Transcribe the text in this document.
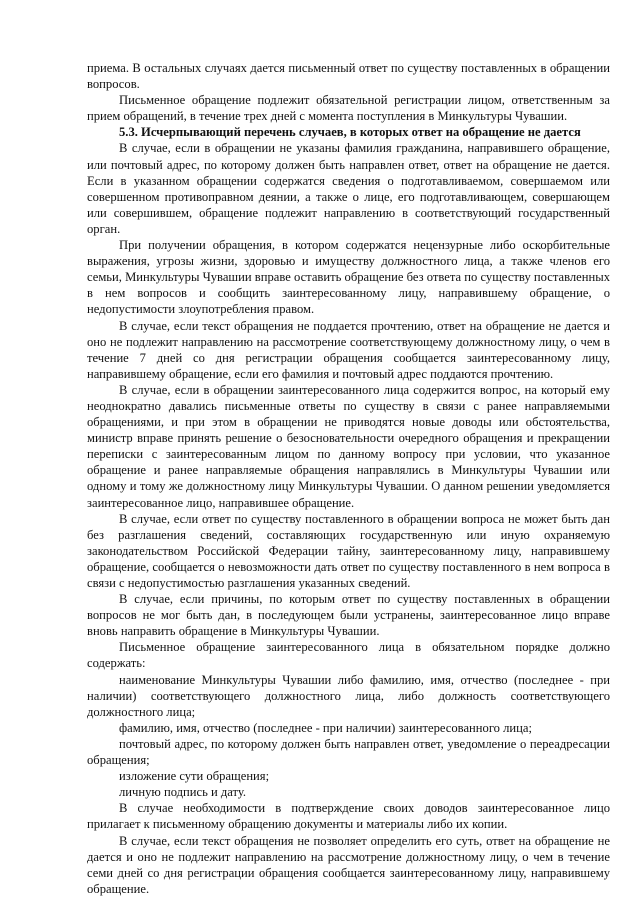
приема. В остальных случаях дается письменный ответ по существу поставленных в обращении вопросов.

Письменное обращение подлежит обязательной регистрации лицом, ответственным за прием обращений, в течение трех дней с момента поступления в Минкультуры Чувашии.

5.3. Исчерпывающий перечень случаев, в которых ответ на обращение не дается

В случае, если в обращении не указаны фамилия гражданина, направившего обращение, или почтовый адрес, по которому должен быть направлен ответ, ответ на обращение не дается. Если в указанном обращении содержатся сведения о подготавливаемом, совершаемом или совершенном противоправном деянии, а также о лице, его подготавливающем, совершающем или совершившем, обращение подлежит направлению в соответствующий государственный орган.

При получении обращения, в котором содержатся нецензурные либо оскорбительные выражения, угрозы жизни, здоровью и имуществу должностного лица, а также членов его семьи, Минкультуры Чувашии вправе оставить обращение без ответа по существу поставленных в нем вопросов и сообщить заинтересованному лицу, направившему обращение, о недопустимости злоупотребления правом.

В случае, если текст обращения не поддается прочтению, ответ на обращение не дается и оно не подлежит направлению на рассмотрение соответствующему должностному лицу, о чем в течение 7 дней со дня регистрации обращения сообщается заинтересованному лицу, направившему обращение, если его фамилия и почтовый адрес поддаются прочтению.

В случае, если в обращении заинтересованного лица содержится вопрос, на который ему неоднократно давались письменные ответы по существу в связи с ранее направляемыми обращениями, и при этом в обращении не приводятся новые доводы или обстоятельства, министр вправе принять решение о безосновательности очередного обращения и прекращении переписки с заинтересованным лицом по данному вопросу при условии, что указанное обращение и ранее направляемые обращения направлялись в Минкультуры Чувашии или одному и тому же должностному лицу Минкультуры Чувашии. О данном решении уведомляется заинтересованное лицо, направившее обращение.

В случае, если ответ по существу поставленного в обращении вопроса не может быть дан без разглашения сведений, составляющих государственную или иную охраняемую законодательством Российской Федерации тайну, заинтересованному лицу, направившему обращение, сообщается о невозможности дать ответ по существу поставленного в нем вопроса в связи с недопустимостью разглашения указанных сведений.

В случае, если причины, по которым ответ по существу поставленных в обращении вопросов не мог быть дан, в последующем были устранены, заинтересованное лицо вправе вновь направить обращение в Минкультуры Чувашии.

Письменное обращение заинтересованного лица в обязательном порядке должно содержать:

наименование Минкультуры Чувашии либо фамилию, имя, отчество (последнее - при наличии) соответствующего должностного лица, либо должность соответствующего должностного лица;

фамилию, имя, отчество (последнее - при наличии) заинтересованного лица;

почтовый адрес, по которому должен быть направлен ответ, уведомление о переадресации обращения;

изложение сути обращения;

личную подпись и дату.

В случае необходимости в подтверждение своих доводов заинтересованное лицо прилагает к письменному обращению документы и материалы либо их копии.

В случае, если текст обращения не позволяет определить его суть, ответ на обращение не дается и оно не подлежит направлению на рассмотрение должностному лицу, о чем в течение семи дней со дня регистрации обращения сообщается заинтересованному лицу, направившему обращение.
